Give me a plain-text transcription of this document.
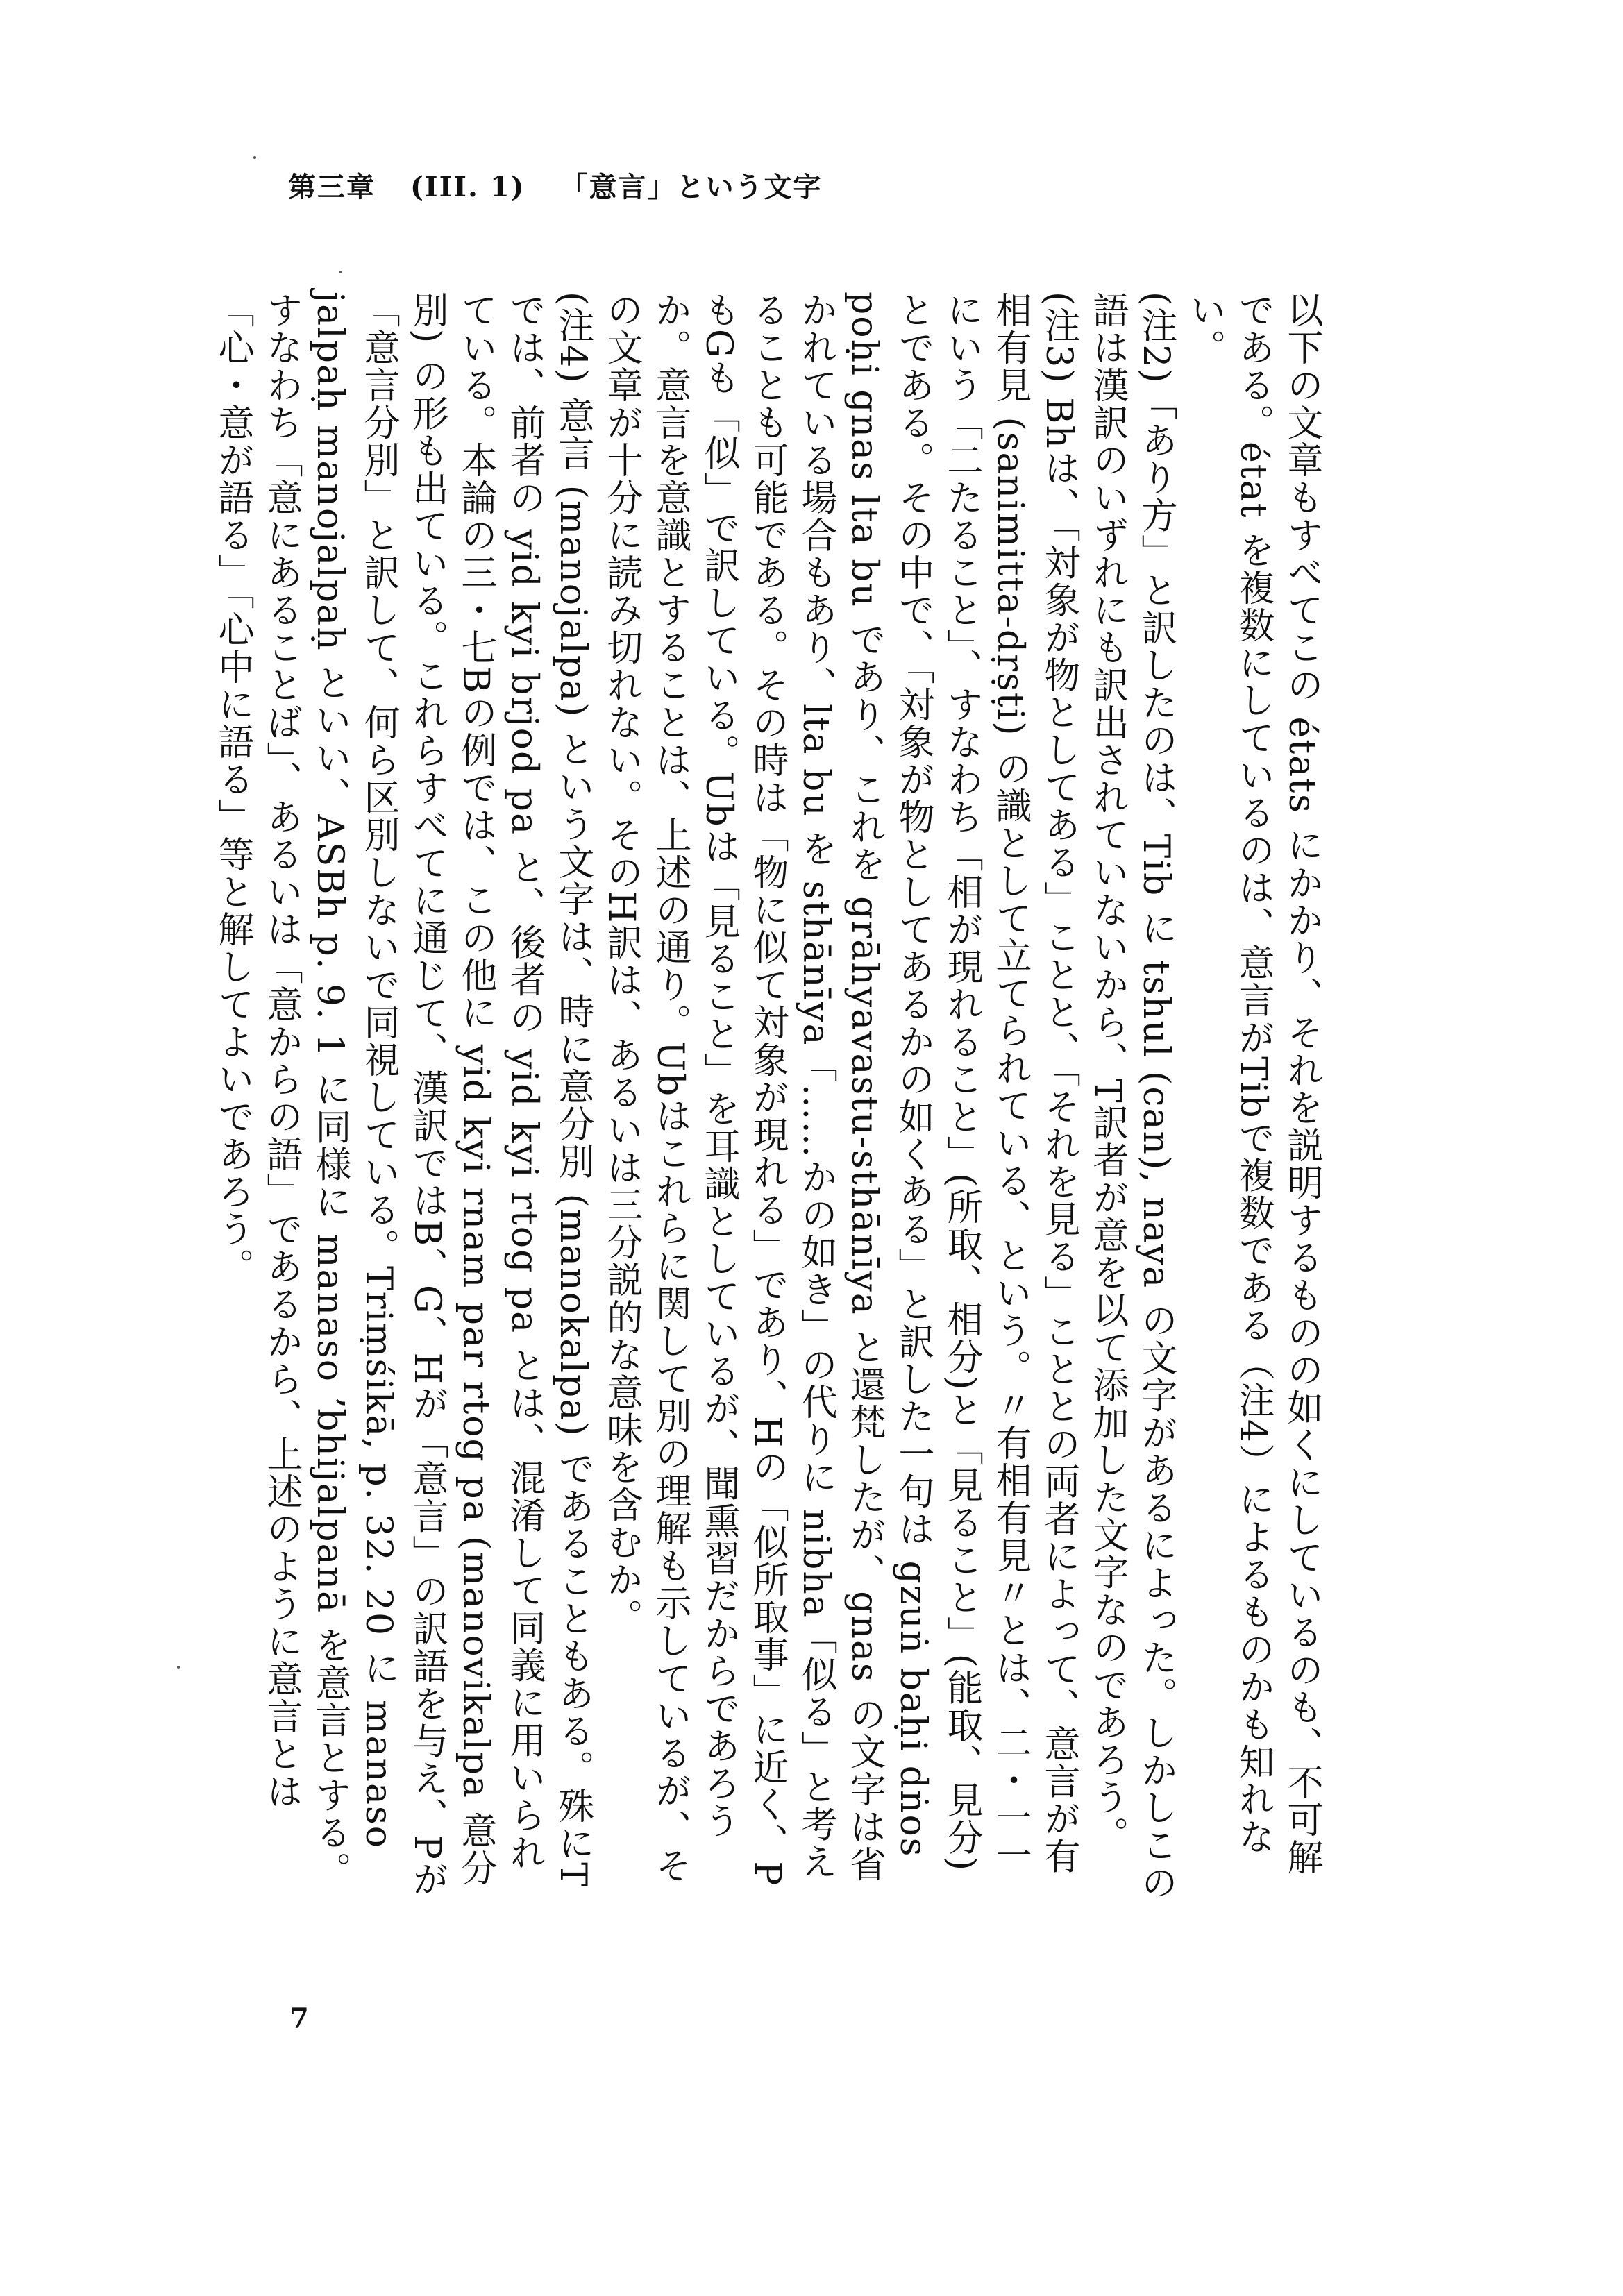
第三章 (III. 1) 「意言」という文字

以下の文章もすべてこの états にかかり、それを説明するものの如くにしているのも、不可解である。état を複数にしているのは、意言がTibで複数である（注4）によるものかも知れない。

(注2)「あり方」と訳したのは、Tib に tshul (can), naya の文字があるによった。しかしこの語は漢訳のいずれにも訳出されていないから、T訳者が意を以て添加した文字なのであろう。

(注3) Bhは、「対象が物としてある」ことと、「それを見る」こととの両者によって、意言が有相有見 (sanimitta-dṛṣṭi) の識として立てられている、という。〃有相有見〃とは、二・一一にいう「二たること」、すなわち「相が現れること」(所取、相分)と「見ること」(能取、見分)とである。その中で、「対象が物としてあるかの如くある」と訳した一句は gzuṅ baḥi dṅos poḥi gnas lta bu であり、これを grāhyavastu-sthānīya と還梵したが、gnas の文字は省かれている場合もあり、lta bu を sthānīya「……かの如き」の代りに nibha「似る」と考えることも可能である。その時は「物に似て対象が現れる」であり、Hの「似所取事」に近く、PもGも「似」で訳している。Ubは「見ること」を耳識としているが、聞熏習だからであろうか。意言を意識とすることは、上述の通り。Ubはこれらに関して別の理解も示しているが、その文章が十分に読み切れない。そのH訳は、あるいは三分説的な意味を含むか。

(注4) 意言 (manojalpa) という文字は、時に意分別 (manokalpa) であることもある。殊にTでは、前者の yid kyi brjod pa と、後者の yid kyi rtog pa とは、混淆して同義に用いられている。本論の三・七Bの例では、この他に yid kyi rnam par rtog pa (manovikalpa 意分別) の形も出ている。これらすべてに通じて、漢訳ではB、G、Hが「意言」の訳語を与え、Pが「意言分別」と訳して、何ら区別しないで同視している。Triṃśikā, p. 32. 20 に manaso jalpaḥ manojalpaḥ といい、ASBh p. 9. 1 に同様に manaso ʼbhijalpanā を意言とする。すなわち「意にあることば」、あるいは「意からの語」であるから、上述のように意言とは「心・意が語る」「心中に語る」等と解してよいであろう。

7
